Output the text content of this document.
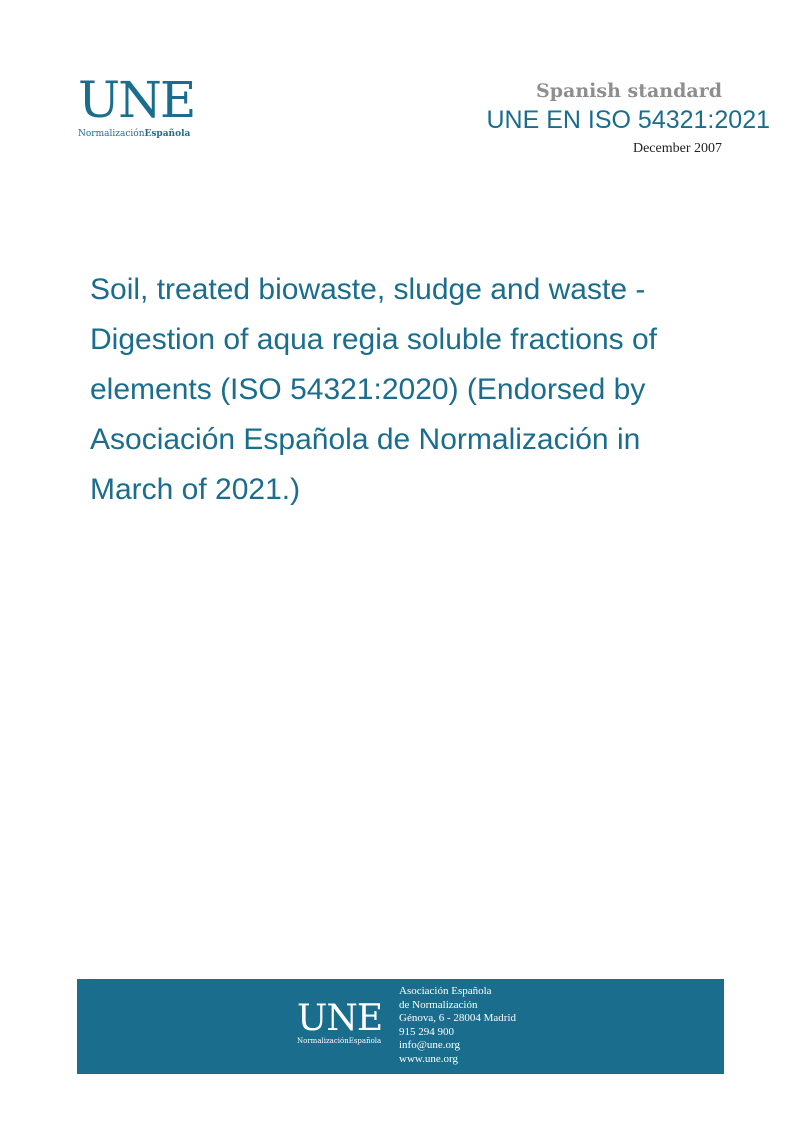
UNE
NormalizaciónEspañola
Spanish standard
UNE EN ISO 54321:2021
December 2007
Soil, treated biowaste, sludge and waste - Digestion of aqua regia soluble fractions of elements (ISO 54321:2020) (Endorsed by Asociación Española de Normalización in March of 2021.)
UNE
NormalizaciónEspañola
Asociación Española
de Normalización
Génova, 6 - 28004 Madrid
915 294 900
info@une.org
www.une.org
